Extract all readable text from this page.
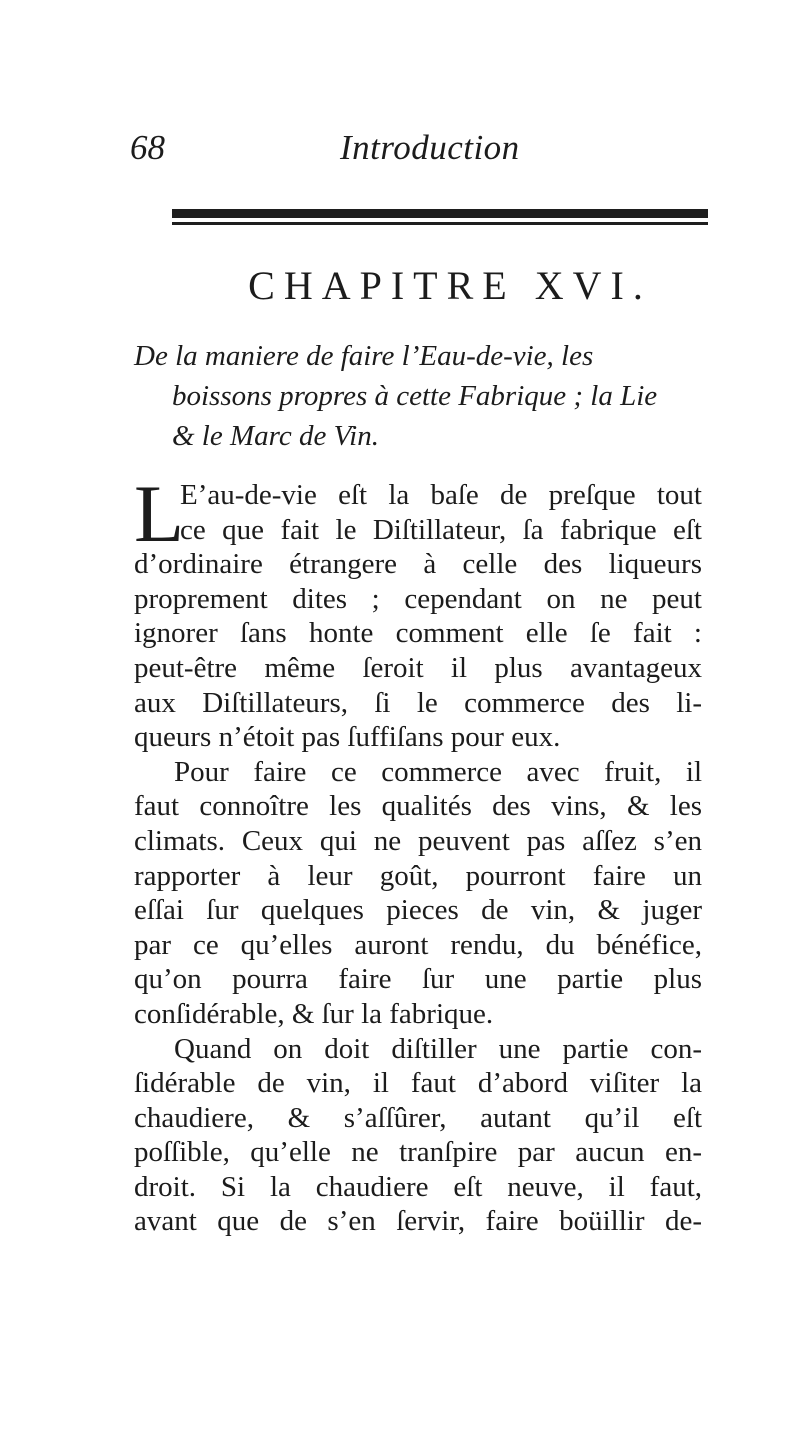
68	Introduction
CHAPITRE XVI.
De la maniere de faire l’Eau-de-vie, les
boissons propres à cette Fabrique ; la Lie
& le Marc de Vin.
L
E’au-de-vie eſt la baſe de preſque tout
ce que fait le Diſtillateur, ſa fabrique eſt
d’ordinaire étrangere à celle des liqueurs
proprement dites ; cependant on ne peut
ignorer ſans honte comment elle ſe fait :
peut-être même ſeroit il plus avantageux
aux Diſtillateurs, ſi le commerce des li-
queurs n’étoit pas ſuffiſans pour eux.
Pour faire ce commerce avec fruit, il
faut connoître les qualités des vins, & les
climats. Ceux qui ne peuvent pas aſſez s’en
rapporter à leur goût, pourront faire un
eſſai ſur quelques pieces de vin, & juger
par ce qu’elles auront rendu, du bénéfice,
qu’on pourra faire ſur une partie plus
conſidérable, & ſur la fabrique.
Quand on doit diſtiller une partie con-
ſidérable de vin, il faut d’abord viſiter la
chaudiere, & s’aſſûrer, autant qu’il eſt
poſſible, qu’elle ne tranſpire par aucun en-
droit. Si la chaudiere eſt neuve, il faut,
avant que de s’en ſervir, faire boüillir de-
